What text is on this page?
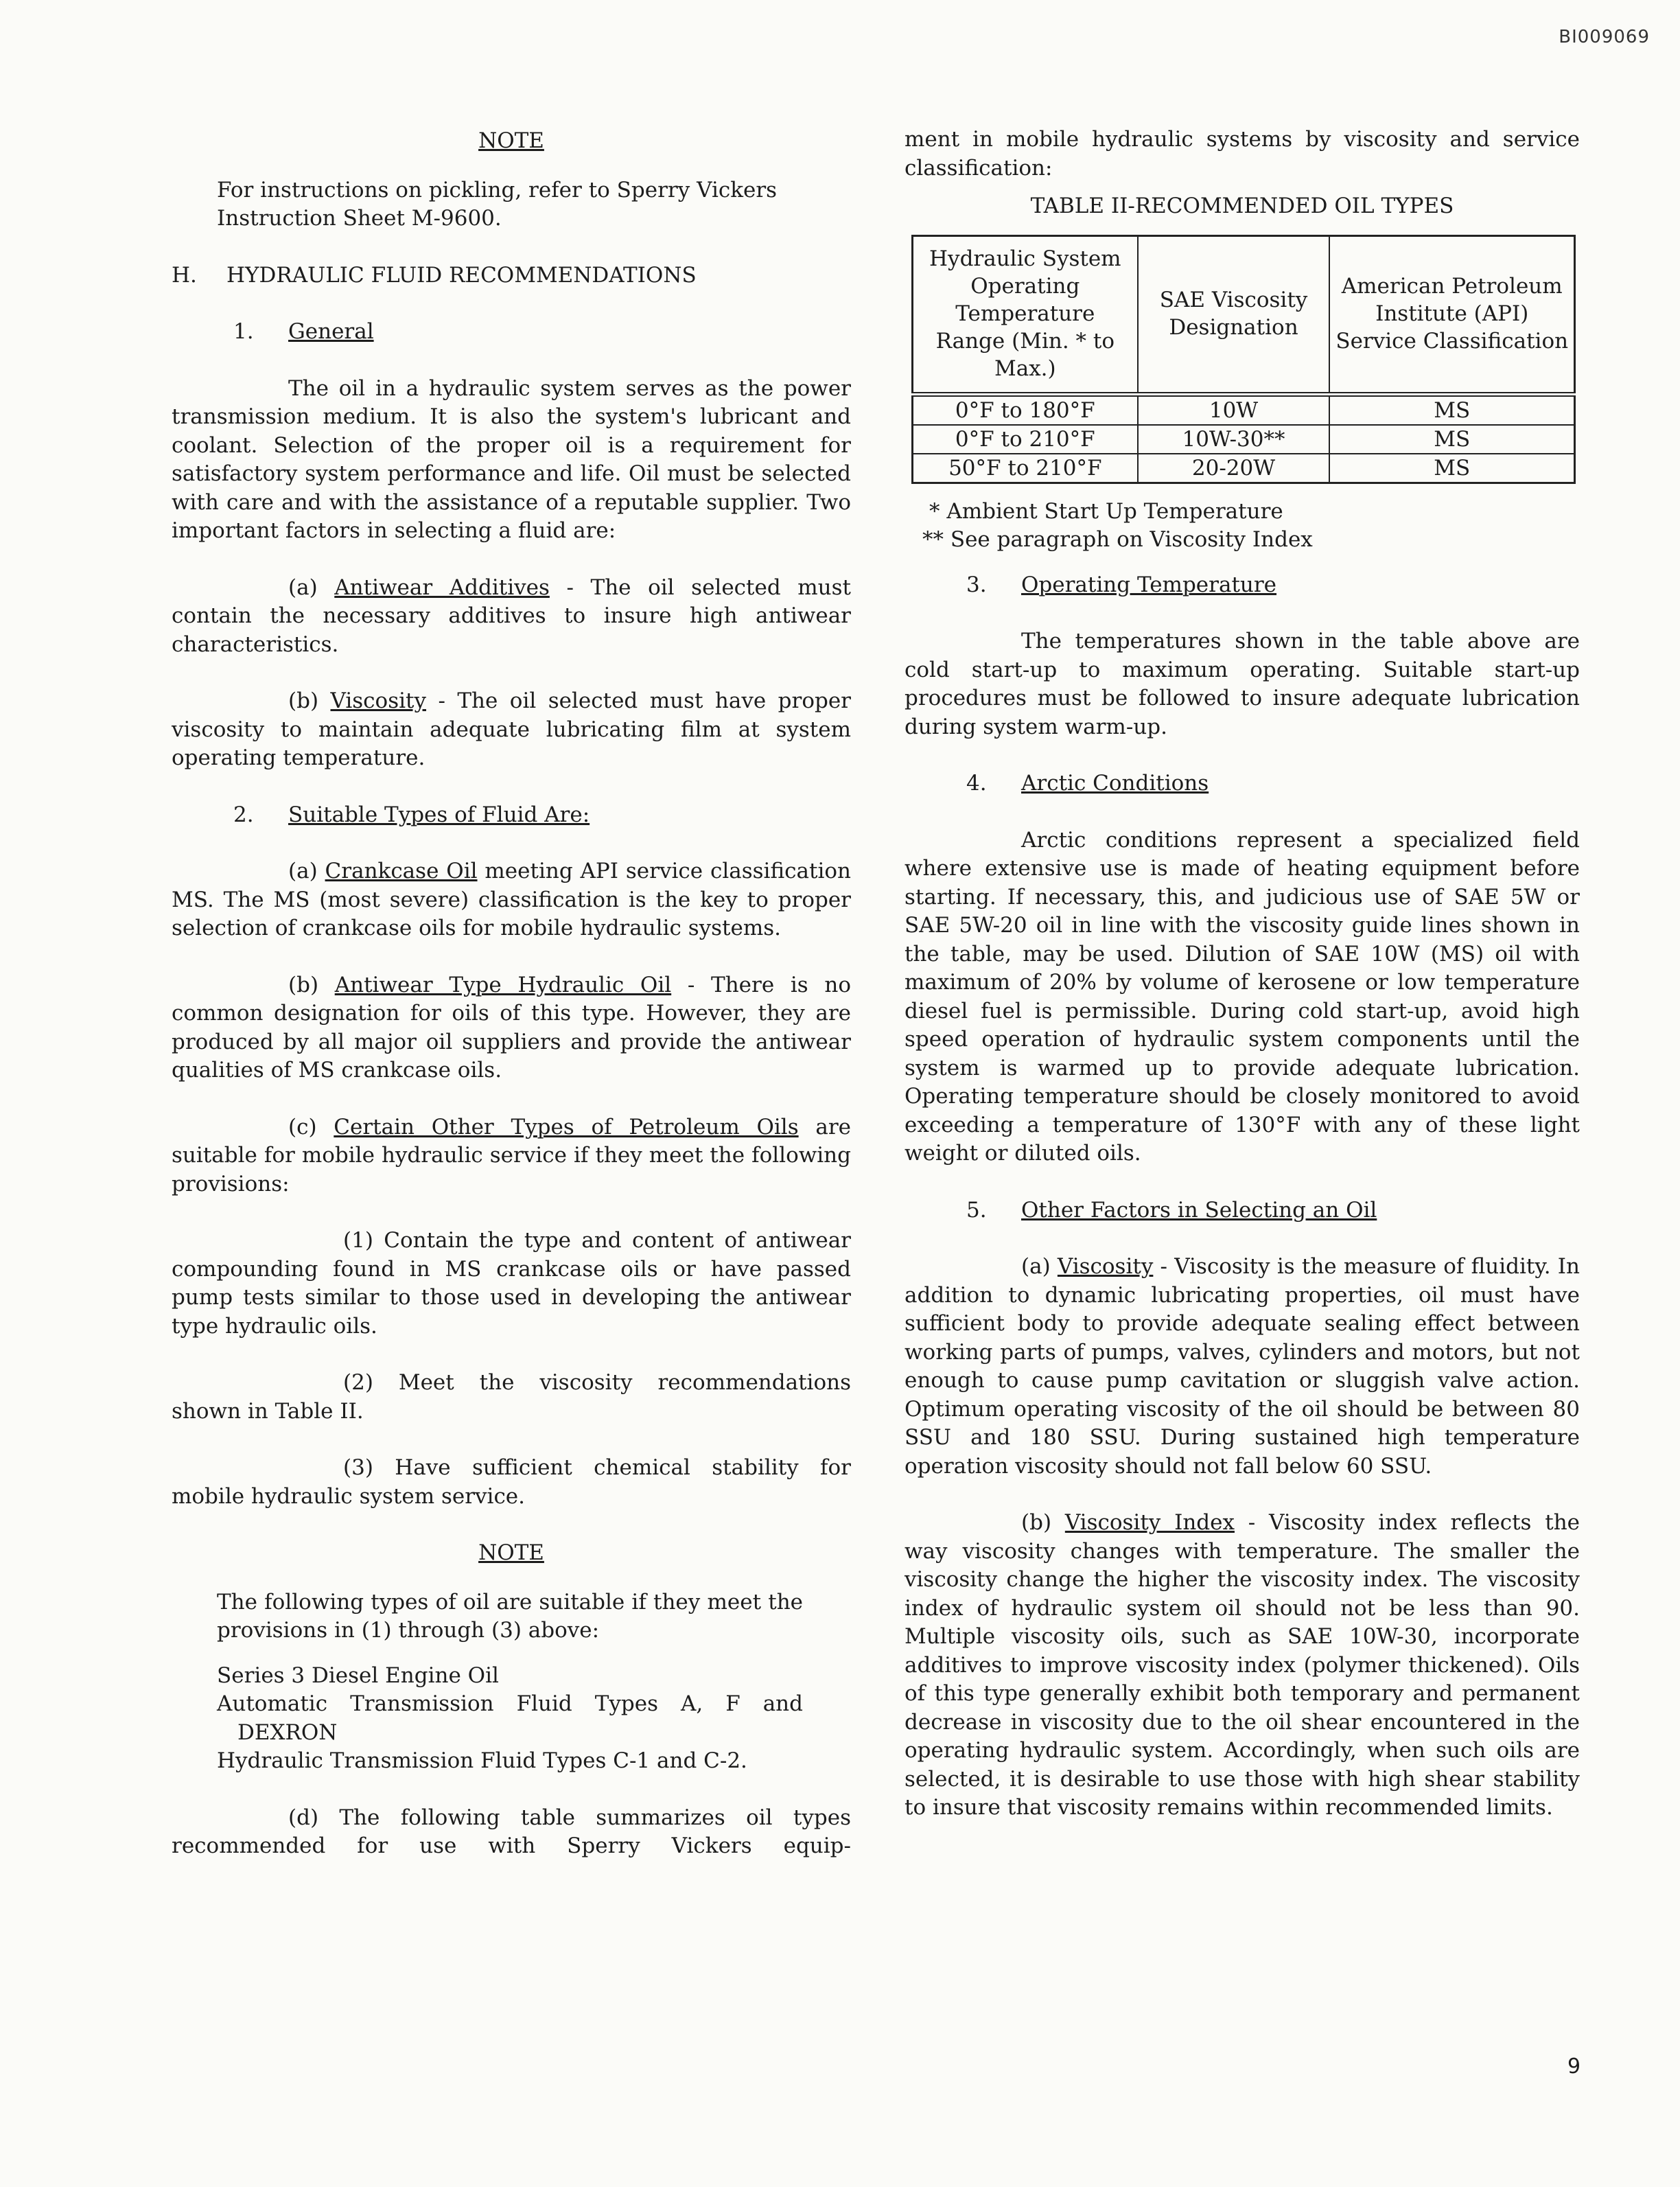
BI009069

NOTE

For instructions on pickling, refer to Sperry Vickers Instruction Sheet M-9600.

H.	HYDRAULIC FLUID RECOMMENDATIONS
1.	General

The oil in a hydraulic system serves as the power transmission medium. It is also the system's lubricant and coolant. Selection of the proper oil is a requirement for satisfactory system performance and life. Oil must be selected with care and with the assistance of a reputable supplier. Two important factors in selecting a fluid are:

(a) Antiwear Additives - The oil selected must contain the necessary additives to insure high antiwear characteristics.

(b) Viscosity - The oil selected must have proper viscosity to maintain adequate lubricating film at system operating temperature.

2.	Suitable Types of Fluid Are:

(a) Crankcase Oil meeting API service classification MS. The MS (most severe) classification is the key to proper selection of crankcase oils for mobile hydraulic systems.

(b) Antiwear Type Hydraulic Oil - There is no common designation for oils of this type. However, they are produced by all major oil suppliers and provide the antiwear qualities of MS crankcase oils.

(c) Certain Other Types of Petroleum Oils are suitable for mobile hydraulic service if they meet the following provisions:

(1) Contain the type and content of antiwear compounding found in MS crankcase oils or have passed pump tests similar to those used in developing the antiwear type hydraulic oils.

(2) Meet the viscosity recommendations shown in Table II.

(3) Have sufficient chemical stability for mobile hydraulic system service.

NOTE

The following types of oil are suitable if they meet the provisions in (1) through (3) above:

Series 3 Diesel Engine Oil

Automatic Transmission Fluid Types A, F and DEXRON

Hydraulic Transmission Fluid Types C-1 and C-2.

(d) The following table summarizes oil types recommended for use with Sperry Vickers equip-

ment in mobile hydraulic systems by viscosity and service classification:

TABLE II-RECOMMENDED OIL TYPES

Hydraulic System Operating Temperature Range (Min. * to Max.)	SAE Viscosity Designation	American Petroleum Institute (API) Service Classification
0°F to 180°F	10W	MS
0°F to 210°F	10W-30**	MS
50°F to 210°F	20-20W	MS

* Ambient Start Up Temperature

** See paragraph on Viscosity Index

3.	Operating Temperature

The temperatures shown in the table above are cold start-up to maximum operating. Suitable start-up procedures must be followed to insure adequate lubrication during system warm-up.

4.	Arctic Conditions

Arctic conditions represent a specialized field where extensive use is made of heating equipment before starting. If necessary, this, and judicious use of SAE 5W or SAE 5W-20 oil in line with the viscosity guide lines shown in the table, may be used. Dilution of SAE 10W (MS) oil with maximum of 20% by volume of kerosene or low temperature diesel fuel is permissible. During cold start-up, avoid high speed operation of hydraulic system components until the system is warmed up to provide adequate lubrication. Operating temperature should be closely monitored to avoid exceeding a temperature of 130°F with any of these light weight or diluted oils.

5.	Other Factors in Selecting an Oil

(a) Viscosity - Viscosity is the measure of fluidity. In addition to dynamic lubricating properties, oil must have sufficient body to provide adequate sealing effect between working parts of pumps, valves, cylinders and motors, but not enough to cause pump cavitation or sluggish valve action. Optimum operating viscosity of the oil should be between 80 SSU and 180 SSU. During sustained high temperature operation viscosity should not fall below 60 SSU.

(b) Viscosity Index - Viscosity index reflects the way viscosity changes with temperature. The smaller the viscosity change the higher the viscosity index. The viscosity index of hydraulic system oil should not be less than 90. Multiple viscosity oils, such as SAE 10W-30, incorporate additives to improve viscosity index (polymer thickened). Oils of this type generally exhibit both temporary and permanent decrease in viscosity due to the oil shear encountered in the operating hydraulic system. Accordingly, when such oils are selected, it is desirable to use those with high shear stability to insure that viscosity remains within recommended limits.

9
